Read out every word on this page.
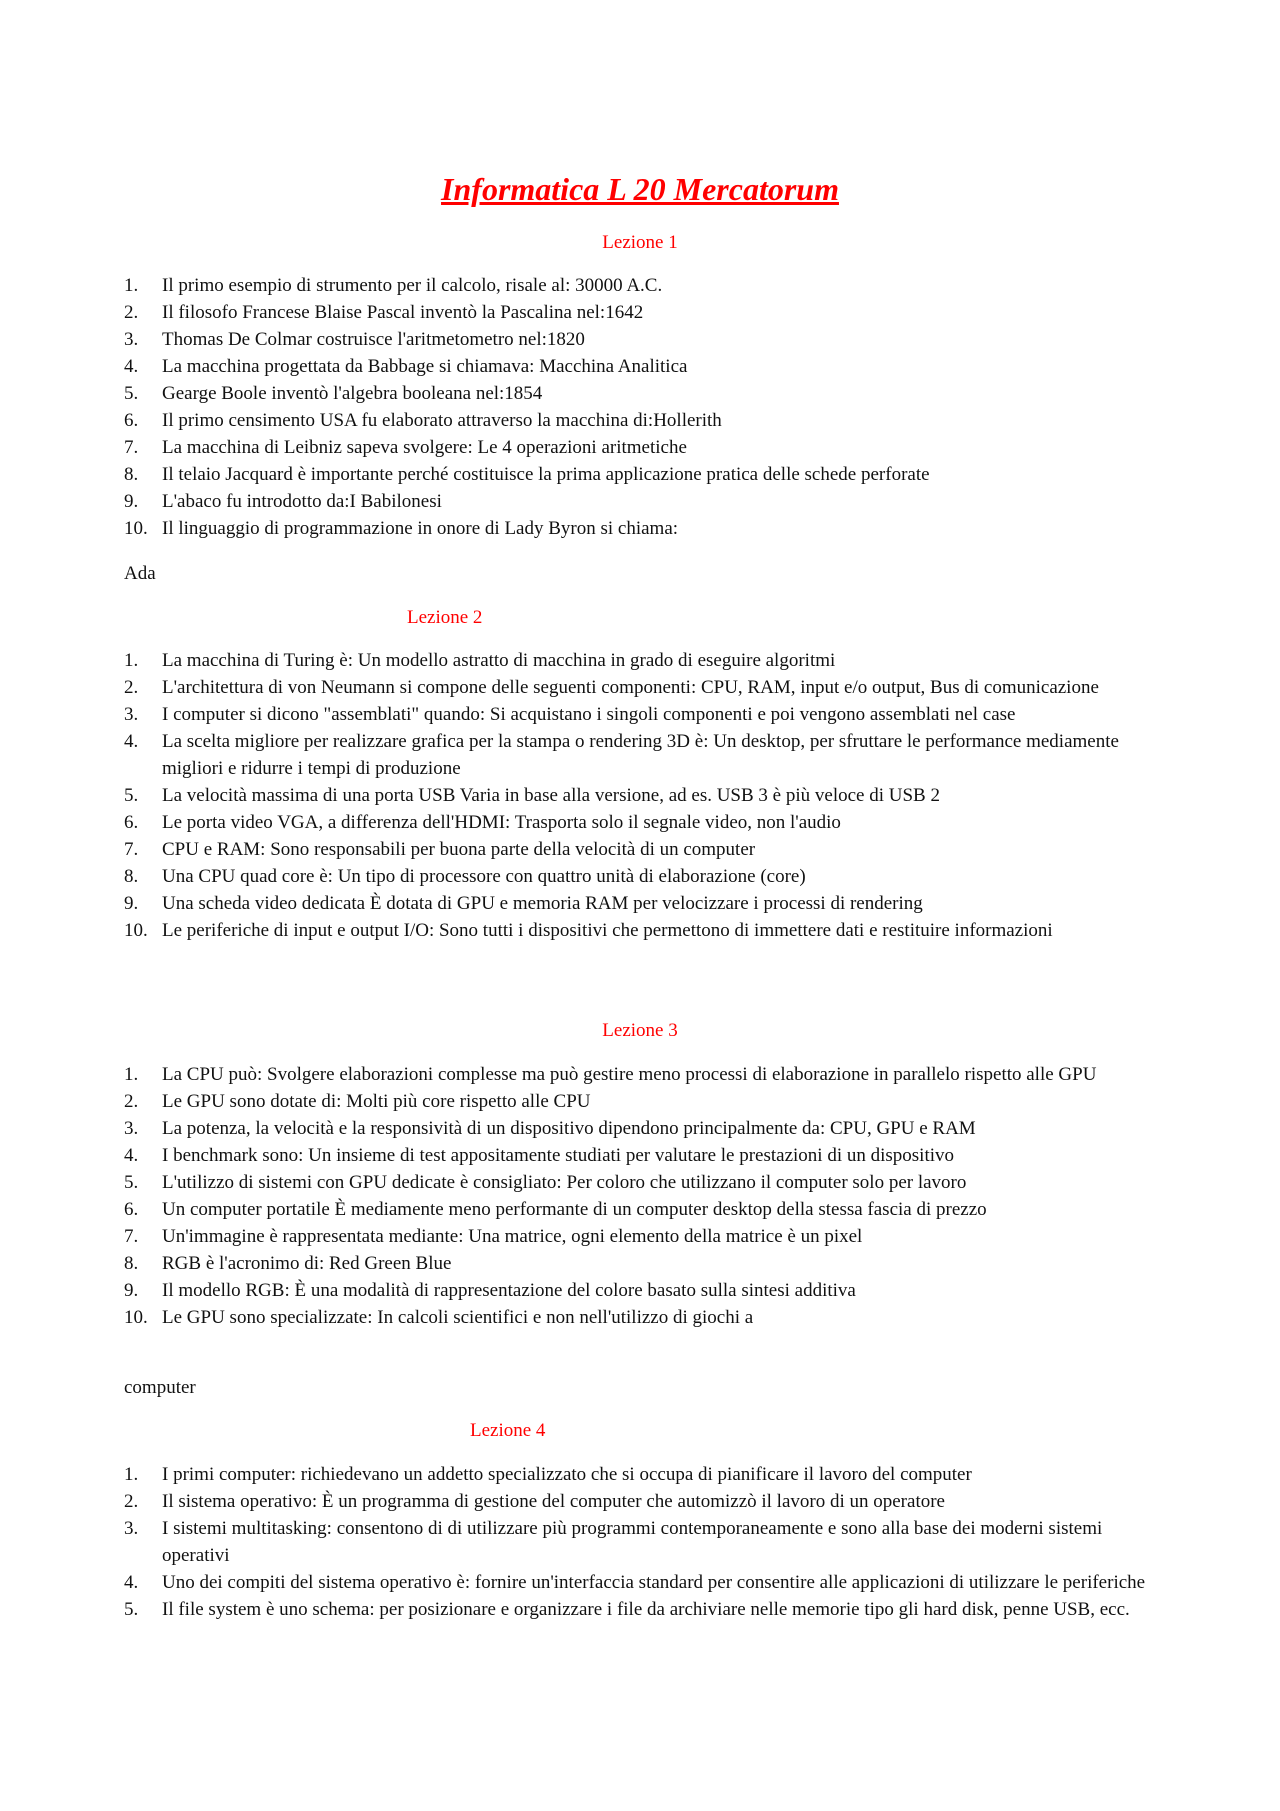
Informatica L 20 Mercatorum
Lezione 1
1.	Il primo esempio di strumento per il calcolo, risale al: 30000 A.C.
2.	Il filosofo Francese Blaise Pascal inventò la Pascalina nel:1642
3.	Thomas De Colmar costruisce l'aritmetometro nel:1820
4.	La macchina progettata da Babbage si chiamava: Macchina Analitica
5.	Gearge Boole inventò l'algebra booleana nel:1854
6.	Il primo censimento USA fu elaborato attraverso la macchina di:Hollerith
7.	La macchina di Leibniz sapeva svolgere: Le 4 operazioni aritmetiche
8.	Il telaio Jacquard è importante perché costituisce la prima applicazione pratica delle schede perforate
9.	L'abaco fu introdotto da:I Babilonesi
10. Il linguaggio di programmazione in onore di Lady Byron si chiama:

Ada

Lezione 2
1.	La macchina di Turing è: Un modello astratto di macchina in grado di eseguire algoritmi
2.	L'architettura di von Neumann si compone delle seguenti componenti: CPU, RAM, input e/o output, Bus di comunicazione
3.	I computer si dicono "assemblati" quando: Si acquistano i singoli componenti e poi vengono assemblati nel case
4.	La scelta migliore per realizzare grafica per la stampa o rendering 3D è: Un desktop, per sfruttare le performance mediamente migliori e ridurre i tempi di produzione
5.	La velocità massima di una porta USB Varia in base alla versione, ad es. USB 3 è più veloce di USB 2
6.	Le porta video VGA, a differenza dell'HDMI: Trasporta solo il segnale video, non l'audio
7.	CPU e RAM: Sono responsabili per buona parte della velocità di un computer
8.	Una CPU quad core è: Un tipo di processore con quattro unità di elaborazione (core)
9.	Una scheda video dedicata È dotata di GPU e memoria RAM per velocizzare i processi di rendering
10. Le periferiche di input e output I/O: Sono tutti i dispositivi che permettono di immettere dati e restituire informazioni
Lezione 3
1.	La CPU può: Svolgere elaborazioni complesse ma può gestire meno processi di elaborazione in parallelo rispetto alle GPU
2.	Le GPU sono dotate di: Molti più core rispetto alle CPU
3.	La potenza, la velocità e la responsività di un dispositivo dipendono principalmente da: CPU, GPU e RAM
4.	I benchmark sono: Un insieme di test appositamente studiati per valutare le prestazioni di un dispositivo
5.	L'utilizzo di sistemi con GPU dedicate è consigliato: Per coloro che utilizzano il computer solo per lavoro
6.	Un computer portatile È mediamente meno performante di un computer desktop della stessa fascia di prezzo
7.	Un'immagine è rappresentata mediante: Una matrice, ogni elemento della matrice è un pixel
8.	RGB è l'acronimo di: Red Green Blue
9.	Il modello RGB: È una modalità di rappresentazione del colore basato sulla sintesi additiva
10. Le GPU sono specializzate: In calcoli scientifici e non nell'utilizzo di giochi a

computer

Lezione 4
1.	I primi computer: richiedevano un addetto specializzato che si occupa di pianificare il lavoro del computer
2.	Il sistema operativo: È un programma di gestione del computer che automizzò il lavoro di un operatore
3.	I sistemi multitasking: consentono di di utilizzare più programmi contemporaneamente e sono alla base dei moderni sistemi operativi
4.	Uno dei compiti del sistema operativo è: fornire un'interfaccia standard per consentire alle applicazioni di utilizzare le periferiche
5.	Il file system è uno schema: per posizionare e organizzare i file da archiviare nelle memorie tipo gli hard disk, penne USB, ecc.
